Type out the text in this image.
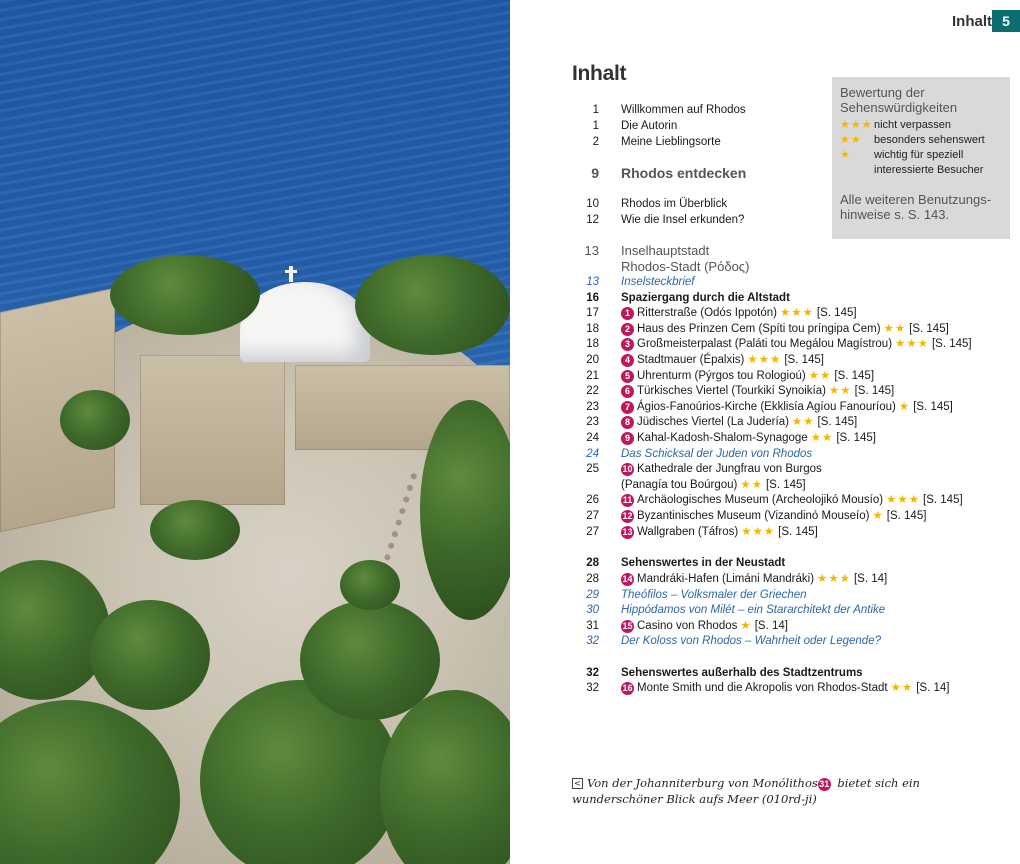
Inhalt 5
Inhalt
Bewertung der
Sehenswürdigkeiten
★★★ nicht verpassen
★★	besonders sehenswert
★	wichtig für speziell
interessierte Besucher
Alle weiteren Benutzungs-
hinweise s. S. 143.
1 Willkommen auf Rhodos
1 Die Autorin
2 Meine Lieblingsorte
9 Rhodos entdecken
10 Rhodos im Überblick
12 Wie die Insel erkunden?
13 Inselhauptstadt
Rhodos-Stadt (Ρόδος)
13 Inselsteckbrief
16 Spaziergang durch die Altstadt
17	1 Ritterstraße (Odós Ippotón) ★★★ [S. 145]
18	2 Haus des Prinzen Cem (Spíti tou príngipa Cem) ★★ [S. 145]
18	3 Großmeisterpalast (Paláti tou Megálou Magístrou) ★★★ [S. 145]
20	4 Stadtmauer (Épalxis) ★★★ [S. 145]
21	5 Uhrenturm (Pýrgos tou Rologioú) ★★ [S. 145]
22	6 Türkisches Viertel (Tourkikí Synoikía) ★★ [S. 145]
23	7 Ágios-Fanoúrios-Kirche (Ekklisía Agíou Fanouríou) ★ [S. 145]
23	8 Jüdisches Viertel (La Judería) ★★ [S. 145]
24	9 Kahal-Kadosh-Shalom-Synagoge ★★ [S. 145]
24 Das Schicksal der Juden von Rhodos
25	10 Kathedrale der Jungfrau von Burgos
(Panagía tou Boúrgou) ★★ [S. 145]
26	11 Archäologisches Museum (Archeolojikó Mousío) ★★★ [S. 145]
27	12 Byzantinisches Museum (Vizandinó Mouseío) ★ [S. 145]
27	13 Wallgraben (Táfros) ★★★ [S. 145]
28 Sehenswertes in der Neustadt
28	14 Mandráki-Hafen (Limáni Mandráki) ★★★ [S. 14]
29 Theófilos – Volksmaler der Griechen
30 Hippódamos von Milét – ein Stararchitekt der Antike
31	15 Casino von Rhodos ★ [S. 14]
32 Der Koloss von Rhodos – Wahrheit oder Legende?
32 Sehenswertes außerhalb des Stadtzentrums
32	16 Monte Smith und die Akropolis von Rhodos-Stadt ★★ [S. 14]
< Von der Johanniterburg von Monólithos31 bietet sich ein
wunderschöner Blick aufs Meer (010rd-ji)
